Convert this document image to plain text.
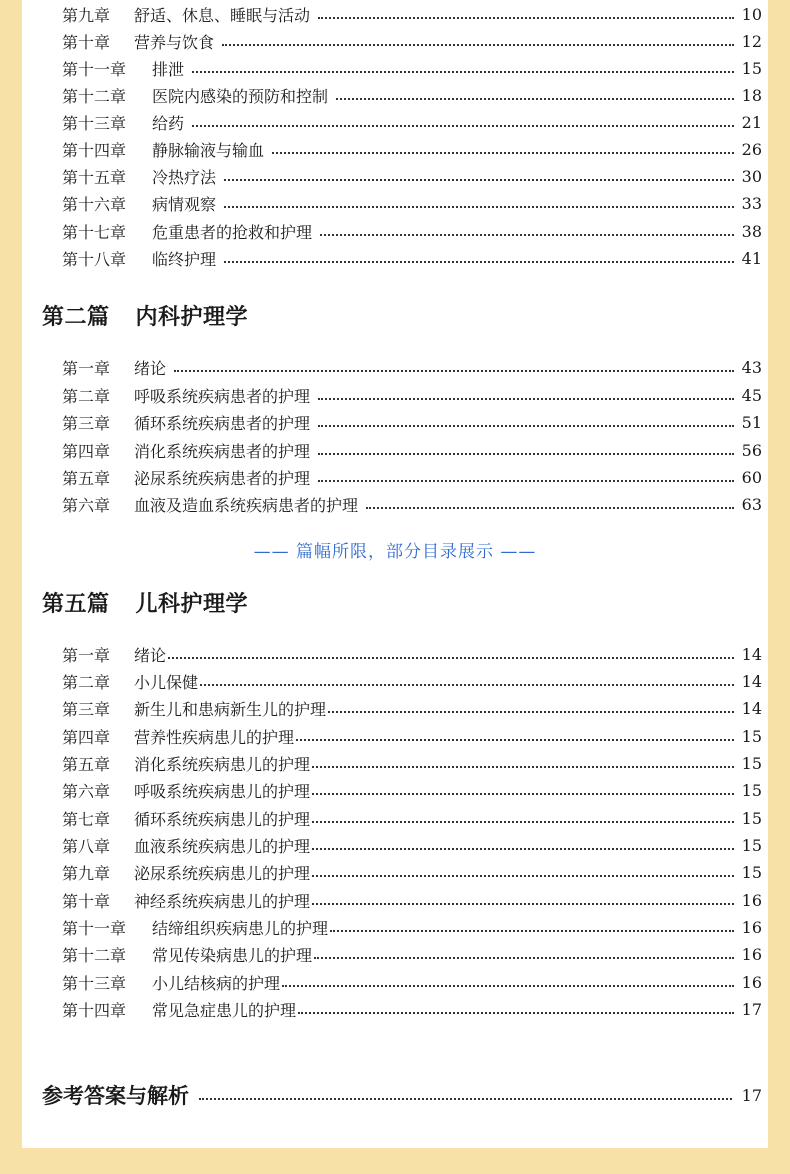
第九章	舒适、休息、睡眠与活动	10
第十章	营养与饮食	12
第十一章	排泄	15
第十二章	医院内感染的预防和控制	18
第十三章	给药	21
第十四章	静脉输液与输血	26
第十五章	冷热疗法	30
第十六章	病情观察	33
第十七章	危重患者的抢救和护理	38
第十八章	临终护理	41
第二篇 内科护理学
第一章	绪论	43
第二章	呼吸系统疾病患者的护理	45
第三章	循环系统疾病患者的护理	51
第四章	消化系统疾病患者的护理	56
第五章	泌尿系统疾病患者的护理	60
第六章	血液及造血系统疾病患者的护理	63
—— 篇幅所限，部分目录展示 ——
第五篇 儿科护理学
第一章	绪论	14
第二章	小儿保健	14
第三章	新生儿和患病新生儿的护理	14
第四章	营养性疾病患儿的护理	15
第五章	消化系统疾病患儿的护理	15
第六章	呼吸系统疾病患儿的护理	15
第七章	循环系统疾病患儿的护理	15
第八章	血液系统疾病患儿的护理	15
第九章	泌尿系统疾病患儿的护理	15
第十章	神经系统疾病患儿的护理	16
第十一章	结缔组织疾病患儿的护理	16
第十二章	常见传染病患儿的护理	16
第十三章	小儿结核病的护理	16
第十四章	常见急症患儿的护理	17
参考答案与解析	17
